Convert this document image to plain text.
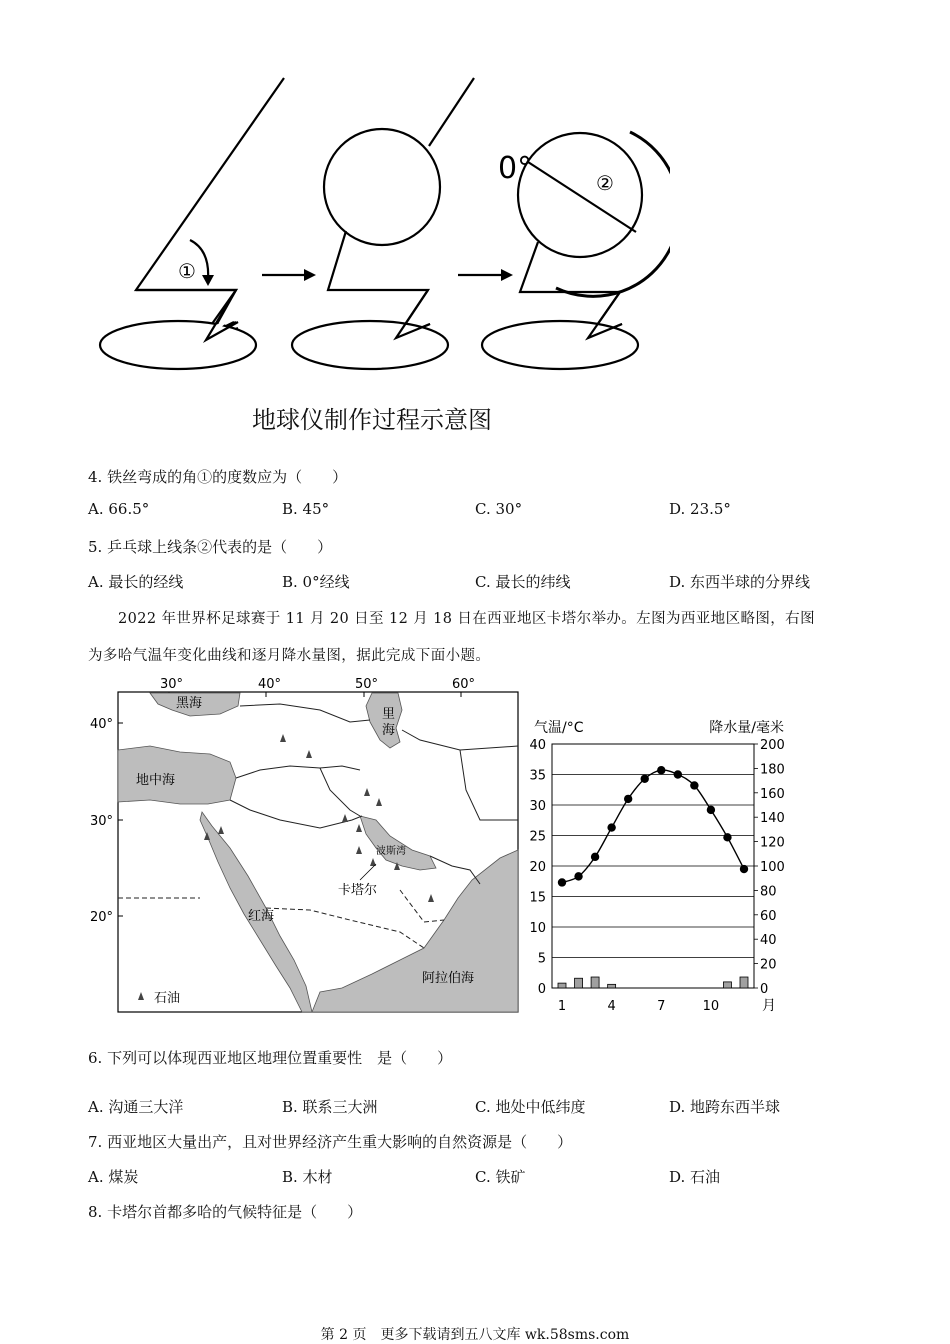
①
②
0°
地球仪制作过程示意图
4. 铁丝弯成的角①的度数应为（　　）
A. 66.5°	B. 45°	C. 30°	D. 23.5°
5. 乒乓球上线条②代表的是（　　）
A. 最长的经线	B. 0°经线	C. 最长的纬线	D. 东西半球的分界线
2022 年世界杯足球赛于 11 月 20 日至 12 月 18 日在西亚地区卡塔尔举办。左图为西亚地区略图，右图
为多哈气温年变化曲线和逐月降水量图，据此完成下面小题。
30°	40°	50°	60°
40°
30°
20°
黑海
里
海
地中海
波斯湾
红海
阿拉伯海
卡塔尔
石油
0
5
10
15
20
25
30
35
40
0
20
40
60
80
100
120
140
160
180
200
气温/°C	降水量/毫米
1	4	7	10	月
6. 下列可以体现西亚地区地理位置重要性　是（　　）
A. 沟通三大洋	B. 联系三大洲	C. 地处中低纬度	D. 地跨东西半球
7. 西亚地区大量出产，且对世界经济产生重大影响的自然资源是（　　）
A. 煤炭	B. 木材	C. 铁矿	D. 石油
8. 卡塔尔首都多哈的气候特征是（　　）
第 2 页　更多下载请到五八文库 wk.58sms.com
